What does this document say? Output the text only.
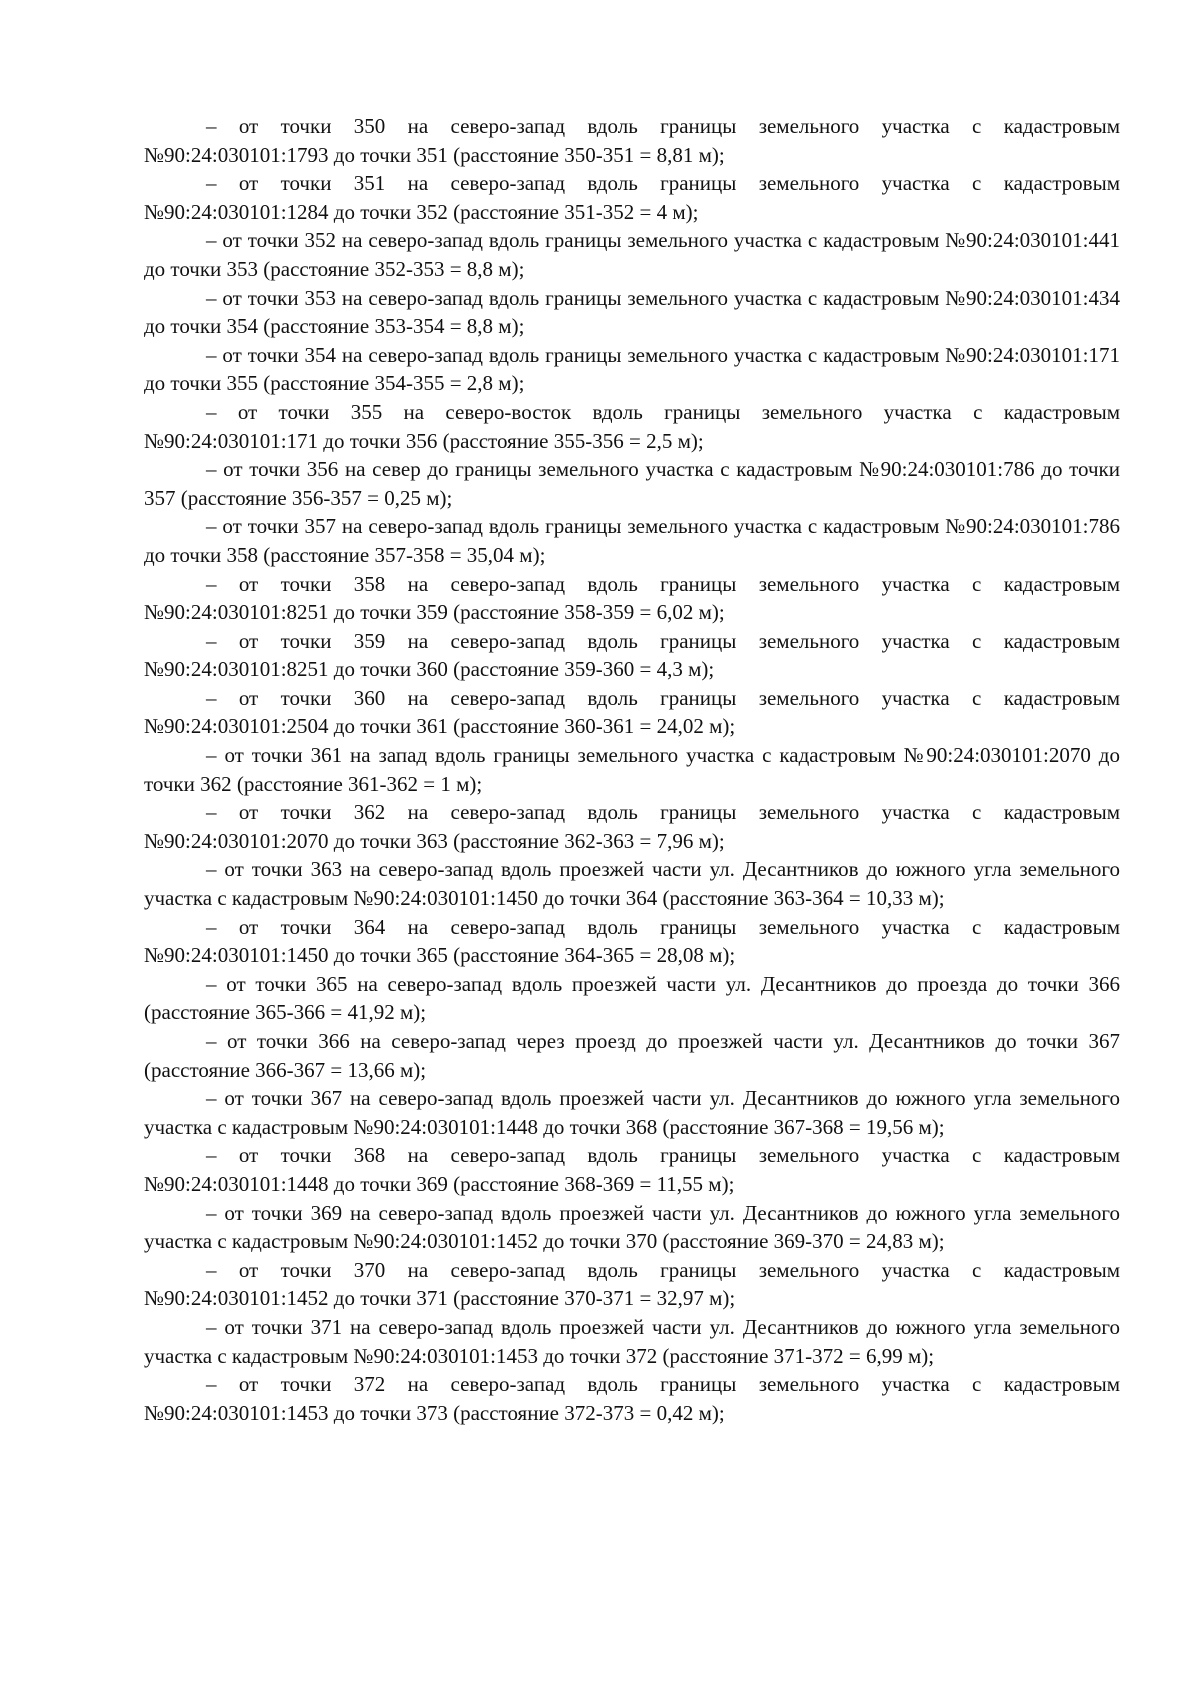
– от точки 350 на северо-запад вдоль границы земельного участка с кадастровым №90:24:030101:1793 до точки 351 (расстояние 350-351 = 8,81 м);

– от точки 351 на северо-запад вдоль границы земельного участка с кадастровым №90:24:030101:1284 до точки 352 (расстояние 351-352 = 4 м);

– от точки 352 на северо-запад вдоль границы земельного участка с кадастровым №90:24:030101:441 до точки 353 (расстояние 352-353 = 8,8 м);

– от точки 353 на северо-запад вдоль границы земельного участка с кадастровым №90:24:030101:434 до точки 354 (расстояние 353-354 = 8,8 м);

– от точки 354 на северо-запад вдоль границы земельного участка с кадастровым №90:24:030101:171 до точки 355 (расстояние 354-355 = 2,8 м);

– от точки 355 на северо-восток вдоль границы земельного участка с кадастровым №90:24:030101:171 до точки 356 (расстояние 355-356 = 2,5 м);

– от точки 356 на север до границы земельного участка с кадастровым №90:24:030101:786 до точки 357 (расстояние 356-357 = 0,25 м);

– от точки 357 на северо-запад вдоль границы земельного участка с кадастровым №90:24:030101:786 до точки 358 (расстояние 357-358 = 35,04 м);

– от точки 358 на северо-запад вдоль границы земельного участка с кадастровым №90:24:030101:8251 до точки 359 (расстояние 358-359 = 6,02 м);

– от точки 359 на северо-запад вдоль границы земельного участка с кадастровым №90:24:030101:8251 до точки 360 (расстояние 359-360 = 4,3 м);

– от точки 360 на северо-запад вдоль границы земельного участка с кадастровым №90:24:030101:2504 до точки 361 (расстояние 360-361 = 24,02 м);

– от точки 361 на запад вдоль границы земельного участка с кадастровым №90:24:030101:2070 до точки 362 (расстояние 361-362 = 1 м);

– от точки 362 на северо-запад вдоль границы земельного участка с кадастровым №90:24:030101:2070 до точки 363 (расстояние 362-363 = 7,96 м);

– от точки 363 на северо-запад вдоль проезжей части ул. Десантников до южного угла земельного участка с кадастровым №90:24:030101:1450 до точки 364 (расстояние 363-364 = 10,33 м);

– от точки 364 на северо-запад вдоль границы земельного участка с кадастровым №90:24:030101:1450 до точки 365 (расстояние 364-365 = 28,08 м);

– от точки 365 на северо-запад вдоль проезжей части ул. Десантников до проезда до точки 366 (расстояние 365-366 = 41,92 м);

– от точки 366 на северо-запад через проезд до проезжей части ул. Десантников до точки 367 (расстояние 366-367 = 13,66 м);

– от точки 367 на северо-запад вдоль проезжей части ул. Десантников до южного угла земельного участка с кадастровым №90:24:030101:1448 до точки 368 (расстояние 367-368 = 19,56 м);

– от точки 368 на северо-запад вдоль границы земельного участка с кадастровым №90:24:030101:1448 до точки 369 (расстояние 368-369 = 11,55 м);

– от точки 369 на северо-запад вдоль проезжей части ул. Десантников до южного угла земельного участка с кадастровым №90:24:030101:1452 до точки 370 (расстояние 369-370 = 24,83 м);

– от точки 370 на северо-запад вдоль границы земельного участка с кадастровым №90:24:030101:1452 до точки 371 (расстояние 370-371 = 32,97 м);

– от точки 371 на северо-запад вдоль проезжей части ул. Десантников до южного угла земельного участка с кадастровым №90:24:030101:1453 до точки 372 (расстояние 371-372 = 6,99 м);

– от точки 372 на северо-запад вдоль границы земельного участка с кадастровым №90:24:030101:1453 до точки 373 (расстояние 372-373 = 0,42 м);
